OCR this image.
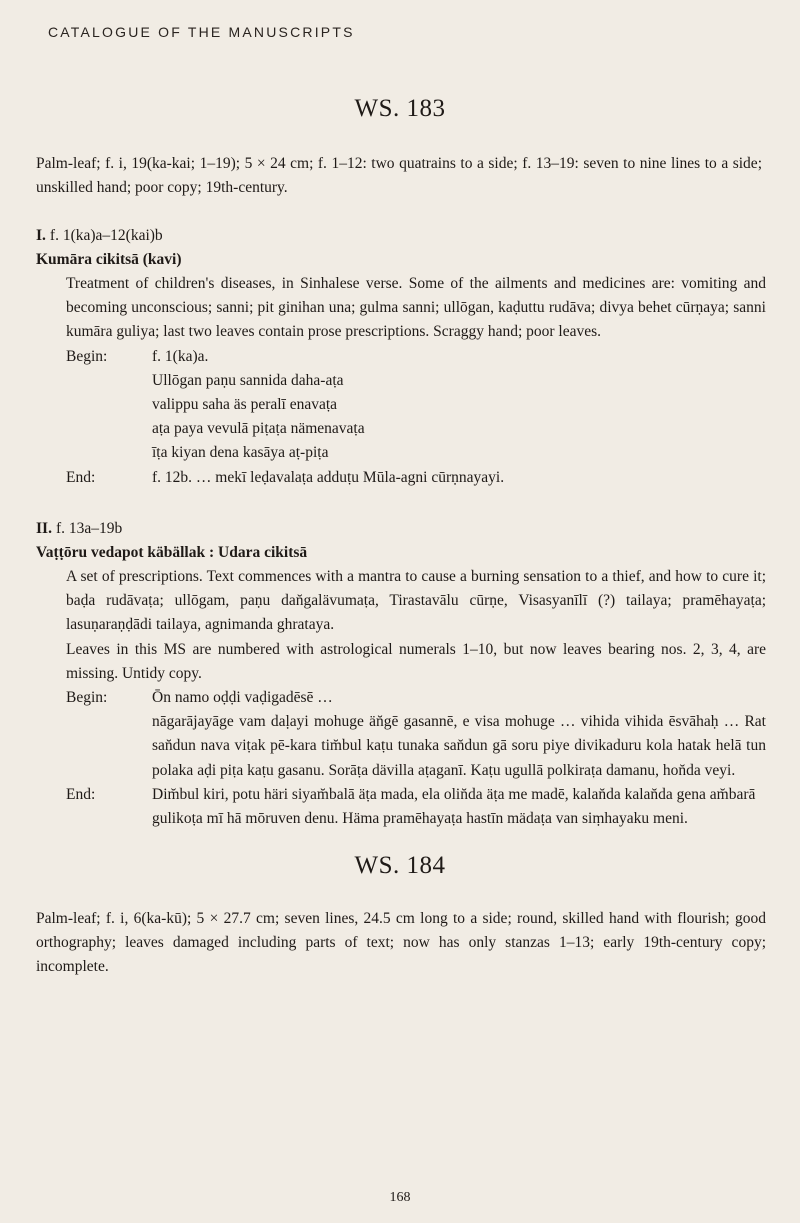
CATALOGUE OF THE MANUSCRIPTS
WS. 183

Palm-leaf; f. i, 19(ka-kai; 1–19); 5 × 24 cm; f. 1–12: two quatrains to a side; f. 13–19: seven to nine lines to a side; unskilled hand; poor copy; 19th-century.

I. f. 1(ka)a–12(kai)b

Kumāra cikitsā (kavi)

Treatment of children's diseases, in Sinhalese verse. Some of the ailments and medicines are: vomiting and becoming unconscious; sanni; pit ginihan una; gulma sanni; ullōgan, kaḍuttu rudāva; divya behet cūrṇaya; sanni kumāra guliya; last two leaves contain prose prescriptions. Scraggy hand; poor leaves.

Begin:	f. 1(ka)a.

Ullōgan paṇu sannida daha-aṭa

valippu saha äs peralī enavaṭa

aṭa paya vevulā piṭaṭa nämenavaṭa

īṭa kiyan dena kasāya aṭ-piṭa

End:	f. 12b. … mekī leḍavalaṭa adduṭu Mūla-agni cūrṇnayayi.

II. f. 13a–19b

Vaṭṭōru vedapot käbällak : Udara cikitsā

A set of prescriptions. Text commences with a mantra to cause a burning sensation to a thief, and how to cure it; baḍa rudāvaṭa; ullōgam, paṇu dan̆galävumaṭa, Tirastavālu cūrṇe, Visasyanīlī (?) tailaya; pramēhayaṭa; lasuṇaraṇḍādi tailaya, agnimanda ghrataya.

Leaves in this MS are numbered with astrological numerals 1–10, but now leaves bearing nos. 2, 3, 4, are missing. Untidy copy.

Begin:	Ōn namo oḍḍi vaḍigadēsē …

nāgarājayāge vam daḷayi mohuge än̆gē gasannē, e visa mohuge … vihida vihida ēsvāhaḥ … Rat san̆dun nava viṭak pē-kara tim̆bul kaṭu tunaka san̆dun gā soru piye divikaduru kola hatak helā tun polaka aḍi piṭa kaṭu gasanu. Sorāṭa dävilla aṭaganī. Kaṭu ugullā polkiraṭa damanu, hon̆da veyi.

End:	Dim̆bul kiri, potu häri siyam̆balā äṭa mada, ela olin̆da äṭa me madē, kalan̆da kalan̆da gena am̆barā gulikoṭa mī hā mōruven denu. Häma pramēhayaṭa hastīn mädaṭa van siṃhayaku meni.
WS. 184

Palm-leaf; f. i, 6(ka-kū); 5 × 27.7 cm; seven lines, 24.5 cm long to a side; round, skilled hand with flourish; good orthography; leaves damaged including parts of text; now has only stanzas 1–13; early 19th-century copy; incomplete.

168
